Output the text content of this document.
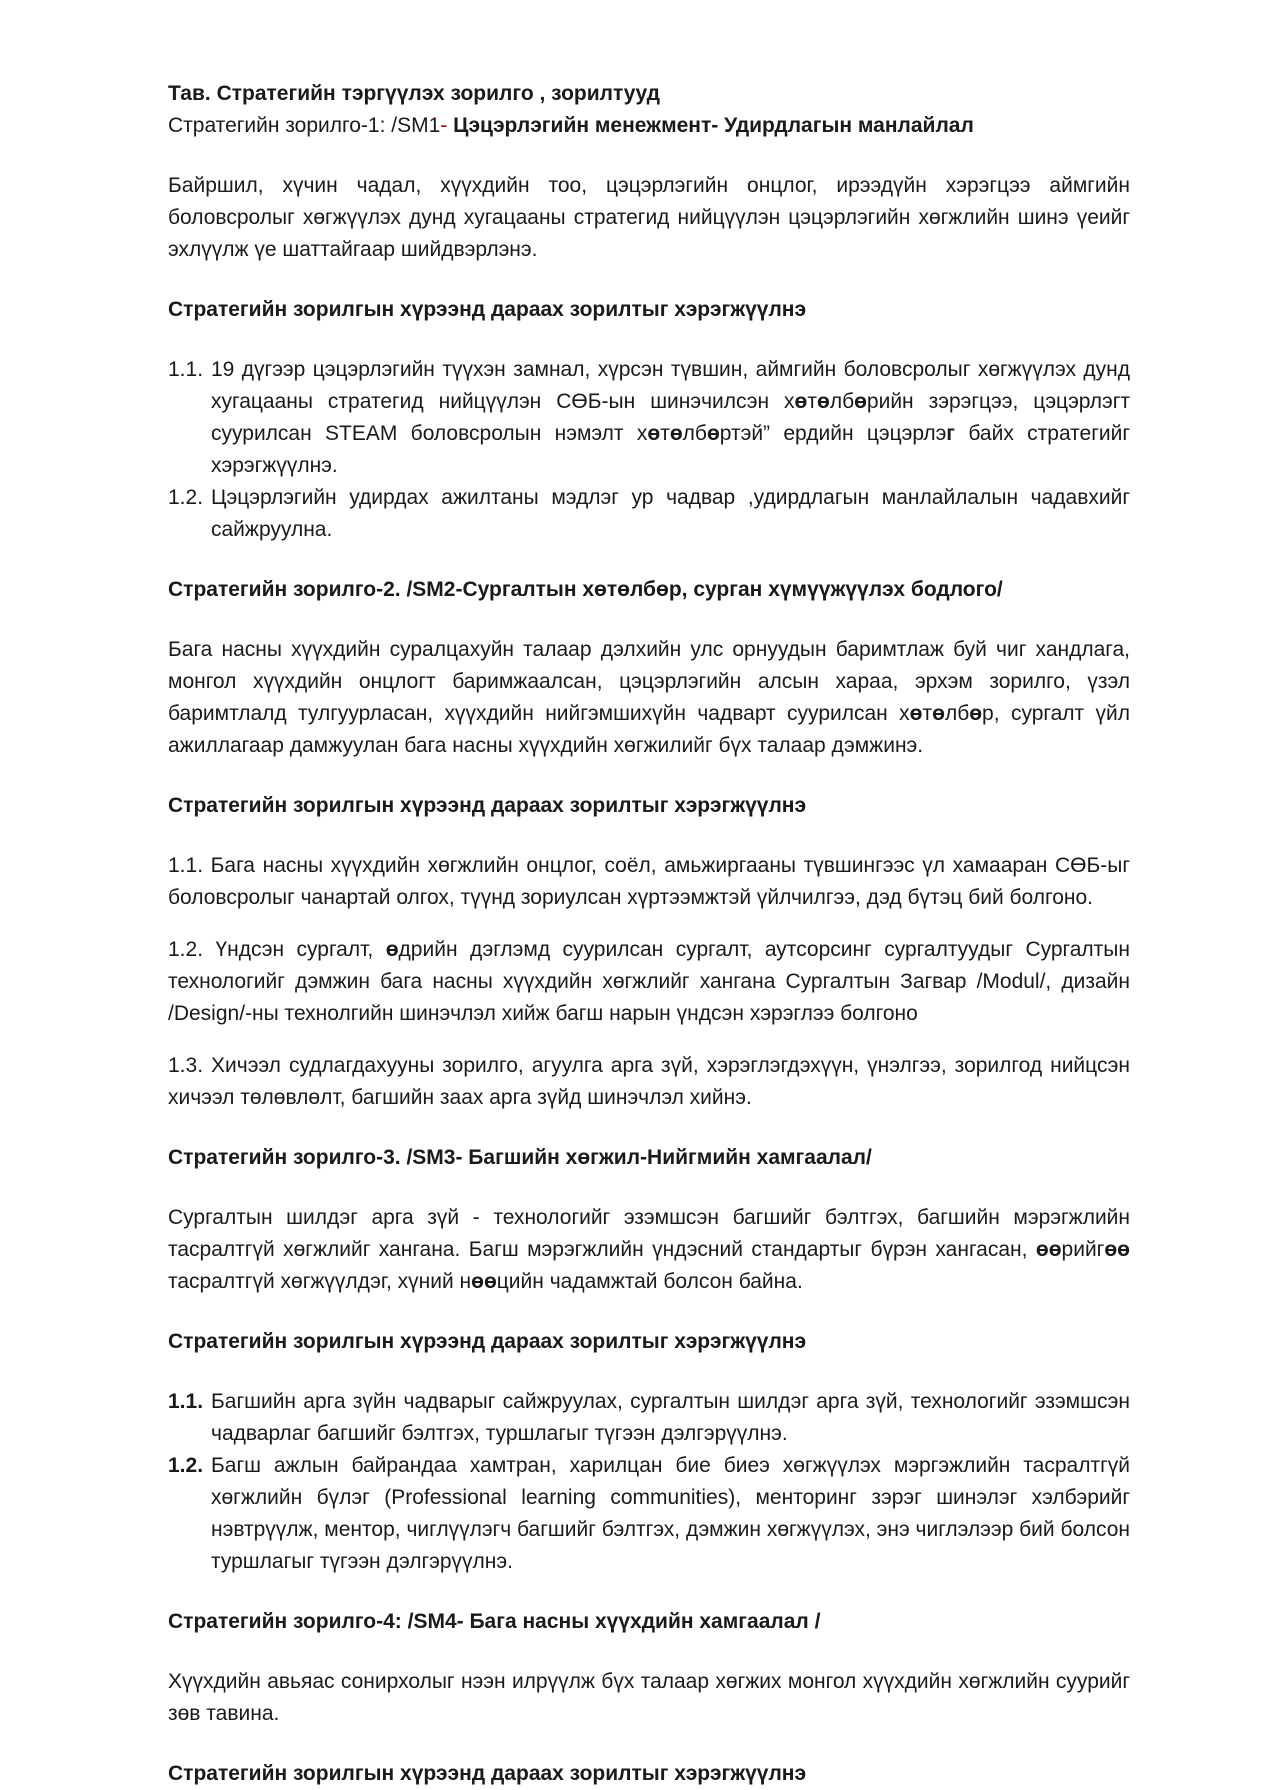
Тав. Стратегийн тэргүүлэх зорилго , зорилтууд
Стратегийн зорилго-1: /SM1- Цэцэрлэгийн менежмент- Удирдлагын манлайлал
Байршил, хүчин чадал, хүүхдийн тоо, цэцэрлэгийн онцлог, ирээдүйн хэрэгцээ аймгийн боловсролыг хөгжүүлэх дунд хугацааны стратегид нийцүүлэн цэцэрлэгийн хөгжлийн шинэ үеийг эхлүүлж үе шаттайгаар шийдвэрлэнэ.
Стратегийн зорилгын хүрээнд дараах зорилтыг хэрэгжүүлнэ
1.1. 19 дүгээр цэцэрлэгийн түүхэн замнал, хүрсэн түвшин, аймгийн боловсролыг хөгжүүлэх дунд хугацааны стратегид нийцүүлэн СӨБ-ын шинэчилсэн хөтөлбөрийн зэрэгцээ, цэцэрлэгт суурилсан STEAM боловсролын нэмэлт хөтөлбөртэй” ердийн цэцэрлэг байх стратегийг хэрэгжүүлнэ.
1.2. Цэцэрлэгийн удирдах ажилтаны мэдлэг ур чадвар ,удирдлагын манлайлалын чадавхийг сайжруулна.
Стратегийн зорилго-2. /SM2-Сургалтын хөтөлбөр, сурган хүмүүжүүлэх бодлого/
Бага насны хүүхдийн суралцахуйн талаар дэлхийн улс орнуудын баримтлаж буй чиг хандлага, монгол хүүхдийн онцлогт баримжаалсан, цэцэрлэгийн алсын хараа, эрхэм зорилго, үзэл баримтлалд тулгуурласан, хүүхдийн нийгэмшихүйн чадварт суурилсан хөтөлбөр, сургалт үйл ажиллагаар дамжуулан бага насны хүүхдийн хөгжилийг бүх талаар дэмжинэ.
Стратегийн зорилгын хүрээнд дараах зорилтыг хэрэгжүүлнэ
1.1. Бага насны хүүхдийн хөгжлийн онцлог, соёл, амьжиргааны түвшингээс үл хамааран СӨБ-ыг боловсролыг чанартай олгох, түүнд зориулсан хүртээмжтэй үйлчилгээ, дэд бүтэц бий болгоно.
1.2. Үндсэн сургалт, өдрийн дэглэмд суурилсан сургалт, аутсорсинг сургалтуудыг Сургалтын технологийг дэмжин бага насны хүүхдийн хөгжлийг хангана Сургалтын Загвар /Modul/, дизайн /Design/-ны технолгийн шинэчлэл хийж багш нарын үндсэн хэрэглээ болгоно
1.3. Хичээл судлагдахууны зорилго, агуулга арга зүй, хэрэглэгдэхүүн, үнэлгээ, зорилгод нийцсэн хичээл төлөвлөлт, багшийн заах арга зүйд шинэчлэл хийнэ.
Стратегийн зорилго-3. /SM3- Багшийн хөгжил-Нийгмийн хамгаалал/
Сургалтын шилдэг арга зүй - технологийг эзэмшсэн багшийг бэлтгэх, багшийн мэрэгжлийн тасралтгүй хөгжлийг хангана. Багш мэрэгжлийн үндэсний стандартыг бүрэн хангасан, өөрийгөө тасралтгүй хөгжүүлдэг, хүний нөөцийн чадамжтай болсон байна.
Стратегийн зорилгын хүрээнд дараах зорилтыг хэрэгжүүлнэ
1.1. Багшийн арга зүйн чадварыг сайжруулах, сургалтын шилдэг арга зүй, технологийг эзэмшсэн чадварлаг багшийг бэлтгэх, туршлагыг түгээн дэлгэрүүлнэ.
1.2. Багш ажлын байрандаа хамтран, харилцан бие биеэ хөгжүүлэх мэргэжлийн тасралтгүй хөгжлийн бүлэг (Professional learning communities), менторинг зэрэг шинэлэг хэлбэрийг нэвтрүүлж, ментор, чиглүүлэгч багшийг бэлтгэх, дэмжин хөгжүүлэх, энэ чиглэлээр бий болсон туршлагыг түгээн дэлгэрүүлнэ.
Стратегийн зорилго-4: /SM4- Бага насны хүүхдийн хамгаалал /
Хүүхдийн авьяас сонирхолыг нээн илрүүлж бүх талаар хөгжих монгол хүүхдийн хөгжлийн суурийг зөв тавина.
Стратегийн зорилгын хүрээнд дараах зорилтыг хэрэгжүүлнэ
